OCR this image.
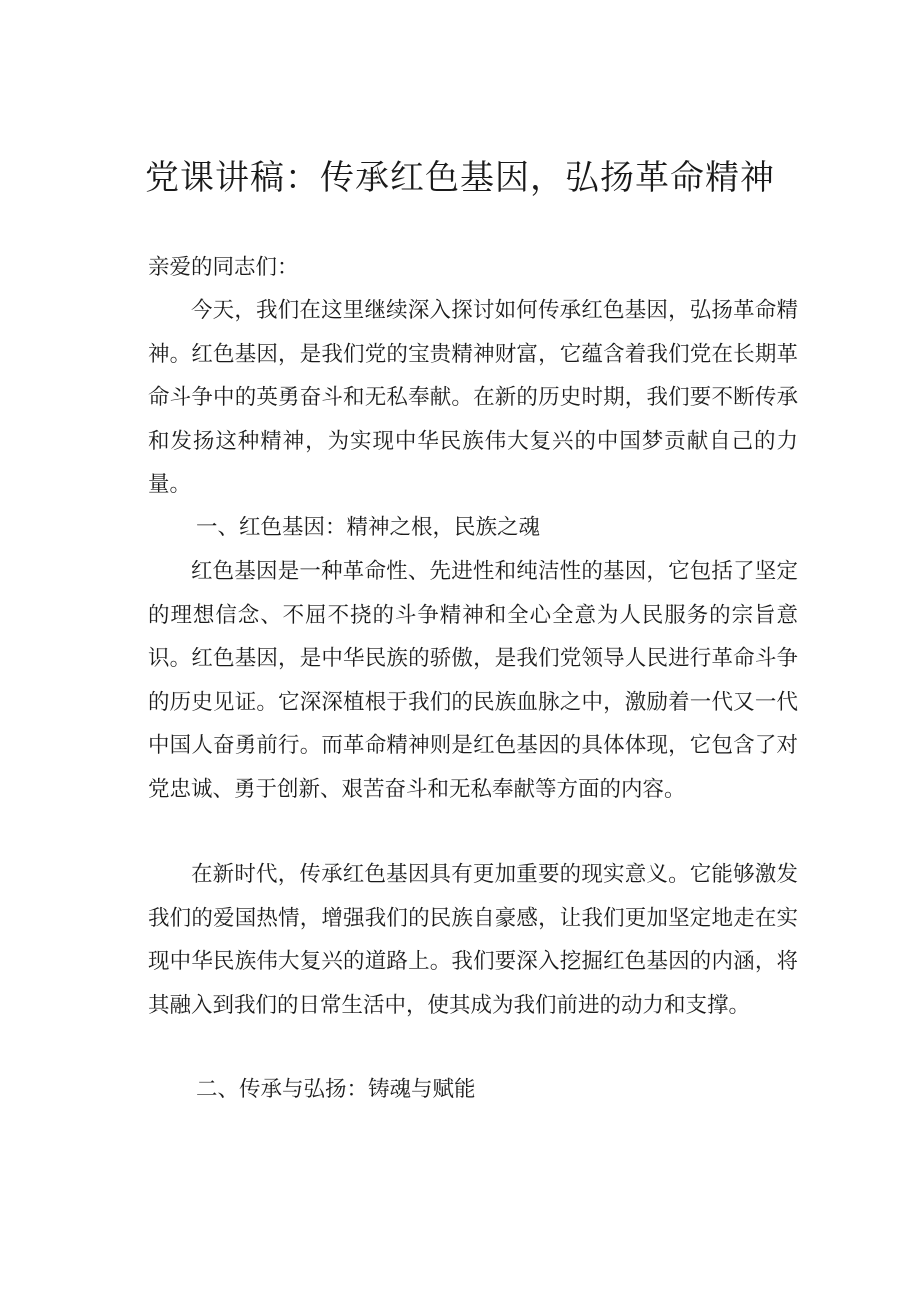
党课讲稿：传承红色基因，弘扬革命精神

亲爱的同志们：

今天，我们在这里继续深入探讨如何传承红色基因，弘扬革命精神。红色基因，是我们党的宝贵精神财富，它蕴含着我们党在长期革命斗争中的英勇奋斗和无私奉献。在新的历史时期，我们要不断传承和发扬这种精神，为实现中华民族伟大复兴的中国梦贡献自己的力量。

一、红色基因：精神之根，民族之魂

红色基因是一种革命性、先进性和纯洁性的基因，它包括了坚定的理想信念、不屈不挠的斗争精神和全心全意为人民服务的宗旨意识。红色基因，是中华民族的骄傲，是我们党领导人民进行革命斗争的历史见证。它深深植根于我们的民族血脉之中，激励着一代又一代中国人奋勇前行。而革命精神则是红色基因的具体体现，它包含了对党忠诚、勇于创新、艰苦奋斗和无私奉献等方面的内容。

在新时代，传承红色基因具有更加重要的现实意义。它能够激发我们的爱国热情，增强我们的民族自豪感，让我们更加坚定地走在实现中华民族伟大复兴的道路上。我们要深入挖掘红色基因的内涵，将其融入到我们的日常生活中，使其成为我们前进的动力和支撑。

二、传承与弘扬：铸魂与赋能
